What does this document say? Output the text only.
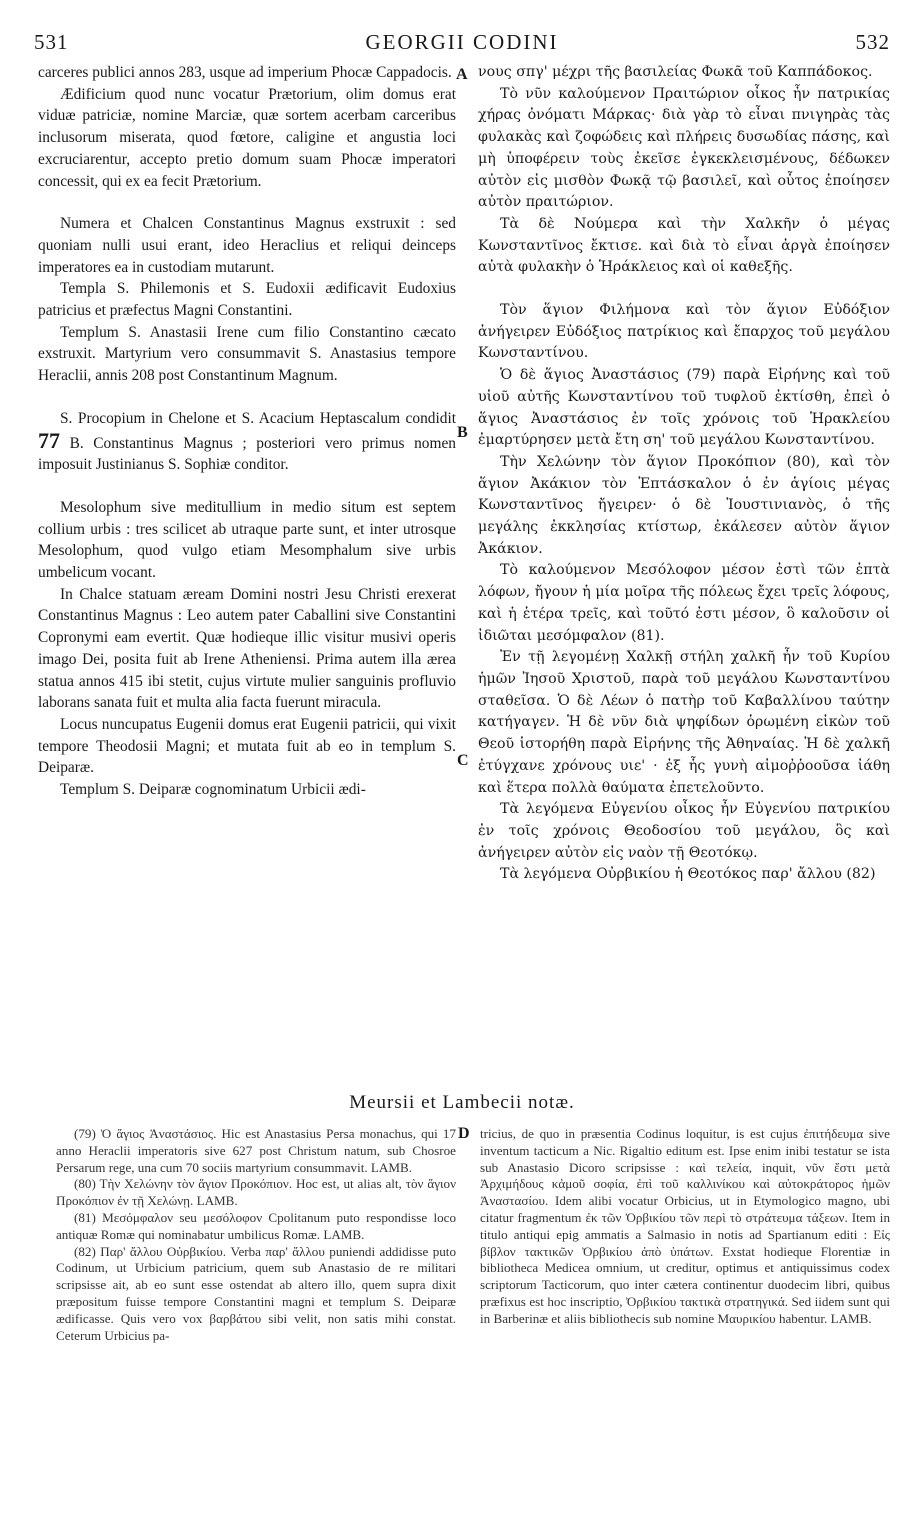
531	GEORGII CODINI	532

carceres publici annos 283, usque ad imperium Phocæ Cappadocis.

Ædificium quod nunc vocatur Prætorium, olim domus erat viduæ patriciæ, nomine Marciæ, quæ sortem acerbam carceribus inclusorum miserata, quod fœtore, caligine et angustia loci excruciarentur, accepto pretio domum suam Phocæ imperatori concessit, qui ex ea fecit Prætorium.

Numera et Chalcen Constantinus Magnus exstruxit : sed quoniam nulli usui erant, ideo Heraclius et reliqui deinceps imperatores ea in custodiam mutarunt.

Templa S. Philemonis et S. Eudoxii ædificavit Eudoxius patricius et præfectus Magni Constantini.

Templum S. Anastasii Irene cum filio Constantino cæcato exstruxit. Martyrium vero consummavit S. Anastasius tempore Heraclii, annis 208 post Constantinum Magnum.

S. Procopium in Chelone et S. Acacium Heptascalum condidit 77 B. Constantinus Magnus ; posteriori vero primus nomen imposuit Justinianus S. Sophiæ conditor.

Mesolophum sive meditullium in medio situm est septem collium urbis : tres scilicet ab utraque parte sunt, et inter utrosque Mesolophum, quod vulgo etiam Mesomphalum sive urbis umbelicum vocant.

In Chalce statuam æream Domini nostri Jesu Christi erexerat Constantinus Magnus : Leo autem pater Caballini sive Constantini Copronymi eam evertit. Quæ hodieque illic visitur musivi operis imago Dei, posita fuit ab Irene Atheniensi. Prima autem illa ærea statua annos 415 ibi stetit, cujus virtute mulier sanguinis profluvio laborans sanata fuit et multa alia facta fuerunt miracula.

Locus nuncupatus Eugenii domus erat Eugenii patricii, qui vixit tempore Theodosii Magni; et mutata fuit ab eo in templum S. Deiparæ.

Templum S. Deiparæ cognominatum Urbicii ædi-

A
B
C
D

νους σπγ' μέχρι τῆς βασιλείας Φωκᾶ τοῦ Καππάδοκος.

Τὸ νῦν καλούμενον Πραιτώριον οἶκος ἦν πατρικίας χήρας ὀνόματι Μάρκας· διὰ γὰρ τὸ εἶναι πνιγηρὰς τὰς φυλακὰς καὶ ζοφώδεις καὶ πλήρεις δυσωδίας πάσης, καὶ μὴ ὑποφέρειν τοὺς ἐκεῖσε ἐγκεκλεισμένους, δέδωκεν αὐτὸν εἰς μισθὸν Φωκᾷ τῷ βασιλεῖ, καὶ οὗτος ἐποίησεν αὐτὸν πραιτώριον.

Τὰ δὲ Νούμερα καὶ τὴν Χαλκῆν ὁ μέγας Κωνσταντῖνος ἔκτισε. καὶ διὰ τὸ εἶναι ἀργὰ ἐποίησεν αὐτὰ φυλακὴν ὁ Ἡράκλειος καὶ οἱ καθεξῆς.

Τὸν ἅγιον Φιλήμονα καὶ τὸν ἅγιον Εὐδόξιον ἀνήγειρεν Εὐδόξιος πατρίκιος καὶ ἔπαρχος τοῦ μεγάλου Κωνσταντίνου.

Ὁ δὲ ἅγιος Ἀναστάσιος (79) παρὰ Εἰρήνης καὶ τοῦ υἱοῦ αὐτῆς Κωνσταντίνου τοῦ τυφλοῦ ἐκτίσθη, ἐπεὶ ὁ ἅγιος Ἀναστάσιος ἐν τοῖς χρόνοις τοῦ Ἡρακλείου ἐμαρτύρησεν μετὰ ἔτη ση' τοῦ μεγάλου Κωνσταντίνου.

Τὴν Χελώνην τὸν ἅγιον Προκόπιον (80), καὶ τὸν ἅγιον Ἀκάκιον τὸν Ἑπτάσκαλον ὁ ἐν ἁγίοις μέγας Κωνσταντῖνος ἤγειρεν· ὁ δὲ Ἰουστινιανὸς, ὁ τῆς μεγάλης ἐκκλησίας κτίστωρ, ἐκάλεσεν αὐτὸν ἅγιον Ἀκάκιον.

Τὸ καλούμενον Μεσόλοφον μέσον ἐστὶ τῶν ἑπτὰ λόφων, ἤγουν ἡ μία μοῖρα τῆς πόλεως ἔχει τρεῖς λόφους, καὶ ἡ ἑτέρα τρεῖς, καὶ τοῦτό ἐστι μέσον, ὃ καλοῦσιν οἱ ἰδιῶται μεσόμφαλον (81).

Ἐν τῇ λεγομένῃ Χαλκῇ στήλη χαλκῆ ἦν τοῦ Κυρίου ἡμῶν Ἰησοῦ Χριστοῦ, παρὰ τοῦ μεγάλου Κωνσταντίνου σταθεῖσα. Ὁ δὲ Λέων ὁ πατὴρ τοῦ Καβαλλίνου ταύτην κατήγαγεν. Ἡ δὲ νῦν διὰ ψηφίδων ὁρωμένη εἰκὼν τοῦ Θεοῦ ἱστορήθη παρὰ Εἰρήνης τῆς Ἀθηναίας. Ἡ δὲ χαλκῆ ἐτύγχανε χρόνους υιε' · ἐξ ἧς γυνὴ αἱμοῤῥοοῦσα ἰάθη καὶ ἕτερα πολλὰ θαύματα ἐπετελοῦντο.

Τὰ λεγόμενα Εὐγενίου οἶκος ἦν Εὐγενίου πατρικίου ἐν τοῖς χρόνοις Θεοδοσίου τοῦ μεγάλου, ὃς καὶ ἀνήγειρεν αὐτὸν εἰς ναὸν τῇ Θεοτόκῳ.

Τὰ λεγόμενα Οὐρβικίου ἡ Θεοτόκος παρ' ἄλλου (82)

Meursii et Lambecii notæ.

(79) Ὁ ἅγιος Ἀναστάσιος. Hic est Anastasius Persa monachus, qui 17 anno Heraclii imperatoris sive 627 post Christum natum, sub Chosroe Persarum rege, una cum 70 sociis martyrium consummavit. LAMB.

(80) Τὴν Χελώνην τὸν ἅγιον Προκόπιον. Hoc est, ut alias alt, τὸν ἅγιον Προκόπιον ἐν τῇ Χελώνῃ. LAMB.

(81) Μεσόμφαλον seu μεσόλοφον Cpolitanum puto respondisse loco antiquæ Romæ qui nominabatur umbilicus Romæ. LAMB.

(82) Παρ' ἄλλου Οὐρβικίου. Verba παρ' ἄλλου puniendi addidisse puto Codinum, ut Urbicium patricium, quem sub Anastasio de re militari scripsisse ait, ab eo sunt esse ostendat ab altero illo, quem supra dixit præpositum fuisse tempore Constantini magni et templum S. Deiparæ ædificasse. Quis vero vox βαρβάτου sibi velit, non satis mihi constat. Ceterum Urbicius pa-

tricius, de quo in præsentia Codinus loquitur, is est cujus ἐπιτήδευμα sive inventum tacticum a Nic. Rigaltio editum est. Ipse enim inibi testatur se ista sub Anastasio Dicoro scripsisse : καὶ τελεία, inquit, νῦν ἔστι μετὰ Ἀρχιμήδους κἀμοῦ σοφία, ἐπὶ τοῦ καλλινίκου καὶ αὐτοκράτορος ἡμῶν Ἀναστασίου. Idem alibi vocatur Orbicius, ut in Etymologico magno, ubi citatur fragmentum ἐκ τῶν Ὀρβικίου τῶν περὶ τὸ στράτευμα τάξεων. Item in titulo antiqui epig ammatis a Salmasio in notis ad Spartianum editi : Εἰς βίβλον τακτικῶν Ὀρβικίου ἀπὸ ὑπάτων. Exstat hodieque Florentiæ in bibliotheca Medicea omnium, ut creditur, optimus et antiquissimus codex scriptorum Tacticorum, quo inter cætera continentur duodecim libri, quibus præfixus est hoc inscriptio, Ὀρβικίου τακτικὰ στρατηγικά. Sed iidem sunt qui in Barberinæ et aliis bibliothecis sub nomine Μαυρικίου habentur. LAMB.
